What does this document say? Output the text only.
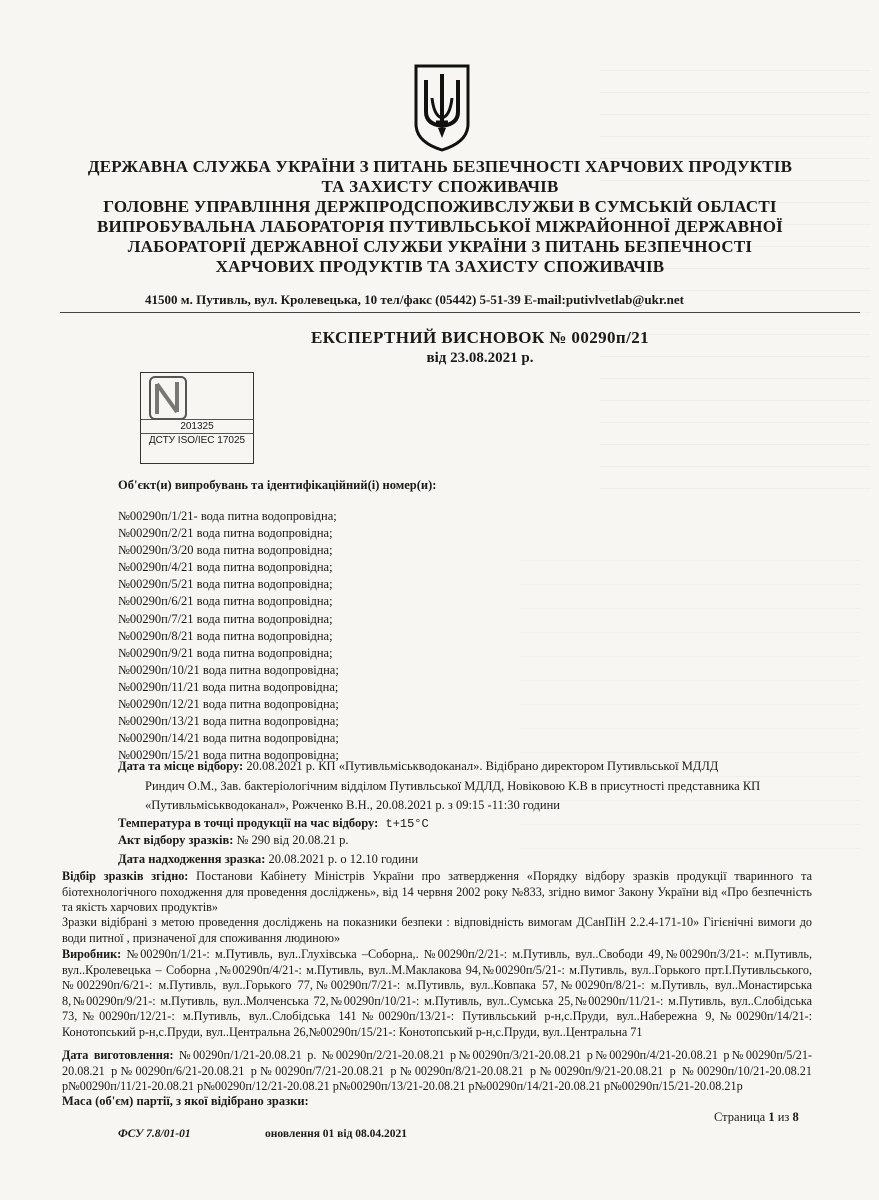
ДЕРЖАВНА СЛУЖБА УКРАЇНИ З ПИТАНЬ БЕЗПЕЧНОСТІ ХАРЧОВИХ ПРОДУКТІВ
ТА ЗАХИСТУ СПОЖИВАЧІВ
ГОЛОВНЕ УПРАВЛІННЯ ДЕРЖПРОДСПОЖИВСЛУЖБИ В СУМСЬКІЙ ОБЛАСТІ
ВИПРОБУВАЛЬНА ЛАБОРАТОРІЯ ПУТИВЛЬСЬКОЇ МІЖРАЙОННОЇ ДЕРЖАВНОЇ
ЛАБОРАТОРІЇ ДЕРЖАВНОЇ СЛУЖБИ УКРАЇНИ З ПИТАНЬ БЕЗПЕЧНОСТІ
ХАРЧОВИХ ПРОДУКТІВ ТА ЗАХИСТУ СПОЖИВАЧІВ
41500 м. Путивль, вул. Кролевецька, 10 тел/факс (05442) 5-51-39 E-mail:putivlvetlab@ukr.net
ЕКСПЕРТНИЙ ВИСНОВОК № 00290п/21
від 23.08.2021 р.
201325
ДСТУ ISO/IEC 17025
Об'єкт(и) випробувань та ідентифікаційний(і) номер(и):
№00290п/1/21- вода питна водопровідна;
№00290п/2/21 вода питна водопровідна;
№00290п/3/20 вода питна водопровідна;
№00290п/4/21 вода питна водопровідна;
№00290п/5/21 вода питна водопровідна;
№00290п/6/21 вода питна водопровідна;
№00290п/7/21 вода питна водопровідна;
№00290п/8/21 вода питна водопровідна;
№00290п/9/21 вода питна водопровідна;
№00290п/10/21 вода питна водопровідна;
№00290п/11/21 вода питна водопровідна;
№00290п/12/21 вода питна водопровідна;
№00290п/13/21 вода питна водопровідна;
№00290п/14/21 вода питна водопровідна;
№00290п/15/21 вода питна водопровідна;
Дата та місце відбору: 20.08.2021 р. КП «Путивльміськводоканал». Відібрано директором Путивльської МДЛД
Риндич О.М., Зав. бактеріологічним відділом Путивльської МДЛД, Новіковою К.В в присутності представника КП
«Путивльміськводоканал», Рожченко В.Н., 20.08.2021 р. з 09:15 -11:30 години
Температура в точці продукції на час відбору: t+15°C
Акт відбору зразків: № 290 від 20.08.21 р.
Дата надходження зразка: 20.08.2021 р. о 12.10 години
Відбір зразків згідно: Постанови Кабінету Міністрів України про затвердження «Порядку відбору зразків продукції тваринного та біотехнологічного походження для проведення досліджень», від 14 червня 2002 року №833, згідно вимог Закону України від «Про безпечність та якість харчових продуктів»
Зразки відібрані з метою проведення досліджень на показники безпеки : відповідність вимогам ДСанПіН 2.2.4-171-10» Гігієнічні вимоги до води питної , призначеної для споживання людиною»
Виробник: №00290п/1/21-: м.Путивль, вул..Глухівська –Соборна,. №00290п/2/21-: м.Путивль, вул..Свободи 49,№00290п/3/21-: м.Путивль, вул..Кролевецька – Соборна ,№00290п/4/21-: м.Путивль, вул..М.Маклакова 94,№00290п/5/21-: м.Путивль, вул..Горького прт.І.Путивльського,№002290п/6/21-: м.Путивль, вул..Горького 77,№00290п/7/21-: м.Путивль, вул..Ковпака 57,№00290п/8/21-: м.Путивль, вул..Монастирська 8,№00290п/9/21-: м.Путивль, вул..Молченська 72,№00290п/10/21-: м.Путивль, вул..Сумська 25,№00290п/11/21-: м.Путивль, вул..Слобідська 73,№00290п/12/21-: м.Путивль, вул..Слобідська 141№00290п/13/21-: Путивльський р-н,с.Пруди, вул..Набережна 9,№00290п/14/21-: Конотопський р-н,с.Пруди, вул..Центральна 26,№00290п/15/21-: Конотопський р-н,с.Пруди, вул..Центральна 71
Дата виготовлення: №00290п/1/21-20.08.21 р. №00290п/2/21-20.08.21 р№00290п/3/21-20.08.21 р№00290п/4/21-20.08.21 р№00290п/5/21-20.08.21 р№00290п/6/21-20.08.21 р№00290п/7/21-20.08.21 р№00290п/8/21-20.08.21 р№00290п/9/21-20.08.21 р №00290п/10/21-20.08.21 р№00290п/11/21-20.08.21 р№00290п/12/21-20.08.21 р№00290п/13/21-20.08.21 р№00290п/14/21-20.08.21 р№00290п/15/21-20.08.21р
Маса (об'єм) партії, з якої відібрано зразки:
Страница 1 из 8
ФСУ 7.8/01-01	оновлення 01 від 08.04.2021
